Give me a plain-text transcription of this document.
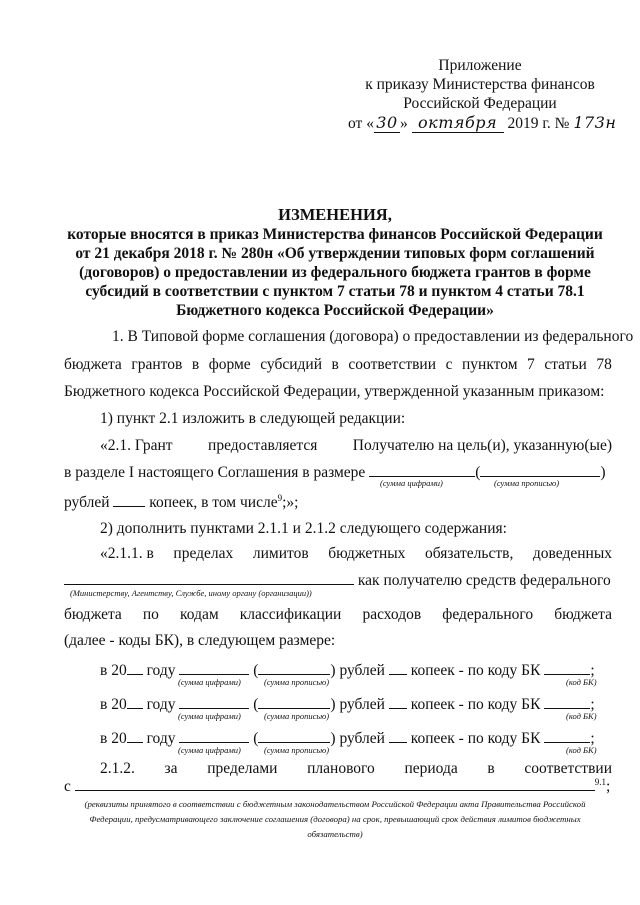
Приложение
к приказу Министерства финансов
Российской Федерации
от « 30 » октября 2019 г. № 173н
ИЗМЕНЕНИЯ,
которые вносятся в приказ Министерства финансов Российской Федерации
от 21 декабря 2018 г. № 280н «Об утверждении типовых форм соглашений
(договоров) о предоставлении из федерального бюджета грантов в форме
субсидий в соответствии с пунктом 7 статьи 78 и пунктом 4 статьи 78.1
Бюджетного кодекса Российской Федерации»
1. В Типовой форме соглашения (договора) о предоставлении из федерального
бюджета грантов в форме субсидий в соответствии с пунктом 7 статьи 78
Бюджетного кодекса Российской Федерации, утвержденной указанным приказом:
1) пункт 2.1 изложить в следующей редакции:
«2.1. Грант предоставляется Получателю на цель(и), указанную(ые)
в разделе I настоящего Соглашения в размере	(	)
(сумма цифрами)	(сумма прописью)
рублей	копеек, в том числе$^9$;»;
2) дополнить пунктами 2.1.1 и 2.1.2 следующего содержания:
«2.1.1. в пределах лимитов бюджетных обязательств, доведенных
как получателю средств федерального
(Министерству, Агентству, Службе, иному органу (организации))
бюджета по кодам классификации расходов федерального бюджета
(далее - коды БК), в следующем размере:
в 20 году	(	) рублей копеек - по коду БК	;
(сумма цифрами)	(сумма прописью)	(код БК)
в 20 году	(	) рублей копеек - по коду БК	;
(сумма цифрами)	(сумма прописью)	(код БК)
в 20 году	(	) рублей копеек - по коду БК	;
(сумма цифрами)	(сумма прописью)	(код БК)
2.1.2. за пределами планового периода в соответствии
с	$^{9.1}$;
(реквизиты принятого в соответствии с бюджетным законодательством Российской Федерации акта Правительства Российской Федерации, предусматривающего заключение соглашения (договора) на срок, превышающий срок действия лимитов бюджетных обязательств)
